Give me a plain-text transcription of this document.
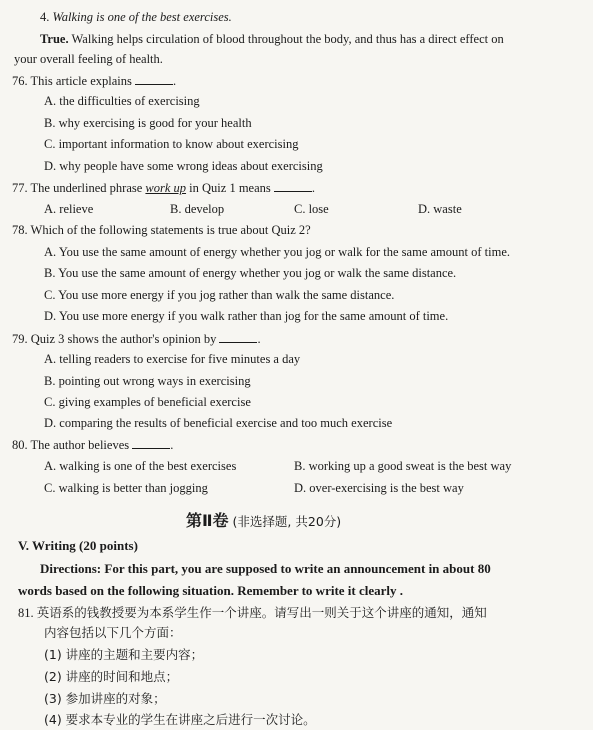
4. Walking is one of the best exercises.
True. Walking helps circulation of blood throughout the body, and thus has a direct effect on
your overall feeling of health.
76. This article explains	.
A. the difficulties of exercising
B. why exercising is good for your health
C. important information to know about exercising
D. why people have some wrong ideas about exercising
77. The underlined phrase work up in Quiz 1 means	.
A. relieve	B. develop	C. lose	D. waste
78. Which of the following statements is true about Quiz 2?
A. You use the same amount of energy whether you jog or walk for the same amount of time.
B. You use the same amount of energy whether you jog or walk the same distance.
C. You use more energy if you jog rather than walk the same distance.
D. You use more energy if you walk rather than jog for the same amount of time.
79. Quiz 3 shows the author's opinion by	.
A. telling readers to exercise for five minutes a day
B. pointing out wrong ways in exercising
C. giving examples of beneficial exercise
D. comparing the results of beneficial exercise and too much exercise
80. The author believes	.
A. walking is one of the best exercises	B. working up a good sweat is the best way
C. walking is better than jogging	D. over-exercising is the best way
第Ⅱ卷 (非选择题, 共20分)
V. Writing (20 points)
Directions: For this part, you are supposed to write an announcement in about 80
words based on the following situation. Remember to write it clearly .
81. 英语系的钱教授要为本系学生作一个讲座。请写出一则关于这个讲座的通知，通知
内容包括以下几个方面：
(1) 讲座的主题和主要内容；
(2) 讲座的时间和地点；
(3) 参加讲座的对象；
(4) 要求本专业的学生在讲座之后进行一次讨论。
